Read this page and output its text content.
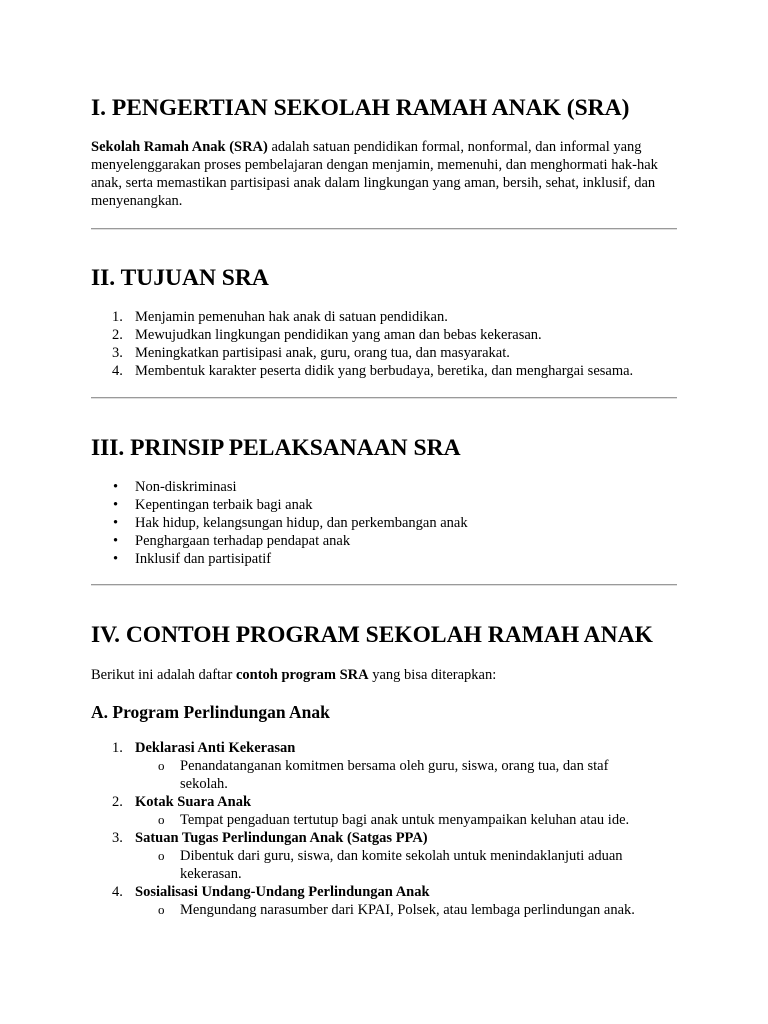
I. PENGERTIAN SEKOLAH RAMAH ANAK (SRA)

Sekolah Ramah Anak (SRA) adalah satuan pendidikan formal, nonformal, dan informal yang menyelenggarakan proses pembelajaran dengan menjamin, memenuhi, dan menghormati hak-hak anak, serta memastikan partisipasi anak dalam lingkungan yang aman, bersih, sehat, inklusif, dan menyenangkan.

II. TUJUAN SRA
1. Menjamin pemenuhan hak anak di satuan pendidikan.
2. Mewujudkan lingkungan pendidikan yang aman dan bebas kekerasan.
3. Meningkatkan partisipasi anak, guru, orang tua, dan masyarakat.
4. Membentuk karakter peserta didik yang berbudaya, beretika, dan menghargai sesama.
III. PRINSIP PELAKSANAAN SRA
• Non-diskriminasi
• Kepentingan terbaik bagi anak
• Hak hidup, kelangsungan hidup, dan perkembangan anak
• Penghargaan terhadap pendapat anak
• Inklusif dan partisipatif
IV. CONTOH PROGRAM SEKOLAH RAMAH ANAK

Berikut ini adalah daftar contoh program SRA yang bisa diterapkan:

A. Program Perlindungan Anak
1. Deklarasi Anti Kekerasan
o Penandatanganan komitmen bersama oleh guru, siswa, orang tua, dan staf sekolah.
2. Kotak Suara Anak
o Tempat pengaduan tertutup bagi anak untuk menyampaikan keluhan atau ide.
3. Satuan Tugas Perlindungan Anak (Satgas PPA)
o Dibentuk dari guru, siswa, dan komite sekolah untuk menindaklanjuti aduan kekerasan.
4. Sosialisasi Undang-Undang Perlindungan Anak
o Mengundang narasumber dari KPAI, Polsek, atau lembaga perlindungan anak.
